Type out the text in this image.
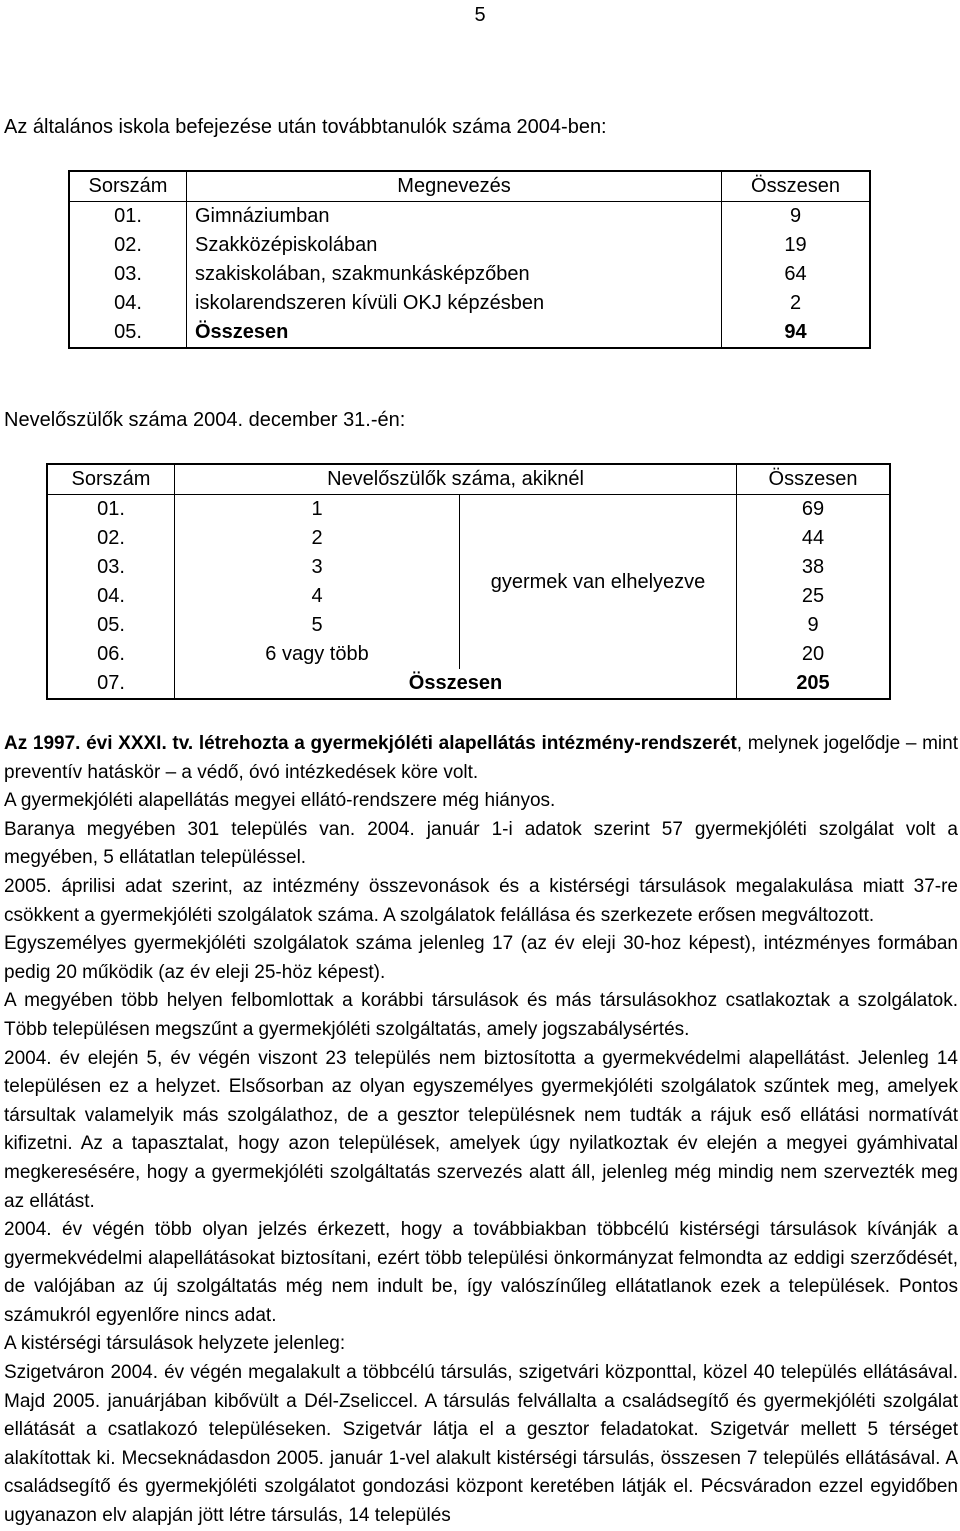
5
Az általános iskola befejezése után továbbtanulók száma 2004-ben:
Sorszám	Megnevezés	Összesen
01.	Gimnáziumban	9
02.	Szakközépiskolában	19
03.	szakiskolában, szakmunkásképzőben	64
04.	iskolarendszeren kívüli OKJ képzésben	2
05.	Összesen	94
Nevelőszülők száma 2004. december 31.-én:
Sorszám	Nevelőszülők száma, akiknél		Összesen
01.	1	gyermek van elhelyezve	69
02.	2		44
03.	3		38
04.	4		25
05.	5		9
06.	6 vagy több		20
07.	Összesen		205

Az 1997. évi XXXI. tv. létrehozta a gyermekjóléti alapellátás intézmény-rendszerét, melynek jogelődje – mint preventív hatáskör – a védő, óvó intézkedések köre volt.

A gyermekjóléti alapellátás megyei ellátó-rendszere még hiányos.

Baranya megyében 301 település van. 2004. január 1-i adatok szerint 57 gyermekjóléti szolgálat volt a megyében, 5 ellátatlan településsel.

2005. áprilisi adat szerint, az intézmény összevonások és a kistérségi társulások megalakulása miatt 37-re csökkent a gyermekjóléti szolgálatok száma. A szolgálatok felállása és szerkezete erősen megváltozott.

Egyszemélyes gyermekjóléti szolgálatok száma jelenleg 17 (az év eleji 30-hoz képest), intézményes formában pedig 20 működik (az év eleji 25-höz képest).

A megyében több helyen felbomlottak a korábbi társulások és más társulásokhoz csatlakoztak a szolgálatok. Több településen megszűnt a gyermekjóléti szolgáltatás, amely jogszabálysértés.

2004. év elején 5, év végén viszont 23 település nem biztosította a gyermekvédelmi alapellátást. Jelenleg 14 településen ez a helyzet. Elsősorban az olyan egyszemélyes gyermekjóléti szolgálatok szűntek meg, amelyek társultak valamelyik más szolgálathoz, de a gesztor településnek nem tudták a rájuk eső ellátási normatívát kifizetni. Az a tapasztalat, hogy azon települések, amelyek úgy nyilatkoztak év elején a megyei gyámhivatal megkeresésére, hogy a gyermekjóléti szolgáltatás szervezés alatt áll, jelenleg még mindig nem szervezték meg az ellátást.

2004. év végén több olyan jelzés érkezett, hogy a továbbiakban többcélú kistérségi társulások kívánják a gyermekvédelmi alapellátásokat biztosítani, ezért több települési önkormányzat felmondta az eddigi szerződését, de valójában az új szolgáltatás még nem indult be, így valószínűleg ellátatlanok ezek a települések. Pontos számukról egyenlőre nincs adat.

A kistérségi társulások helyzete jelenleg:

Szigetváron 2004. év végén megalakult a többcélú társulás, szigetvári központtal, közel 40 település ellátásával. Majd 2005. januárjában kibővült a Dél-Zseliccel. A társulás felvállalta a családsegítő és gyermekjóléti szolgálat ellátását a csatlakozó településeken. Szigetvár látja el a gesztor feladatokat. Szigetvár mellett 5 térséget alakítottak ki. Mecseknádasdon 2005. január 1-vel alakult kistérségi társulás, összesen 7 település ellátásával. A családsegítő és gyermekjóléti szolgálatot gondozási központ keretében látják el. Pécsváradon ezzel egyidőben ugyanazon elv alapján jött létre társulás, 14 település
